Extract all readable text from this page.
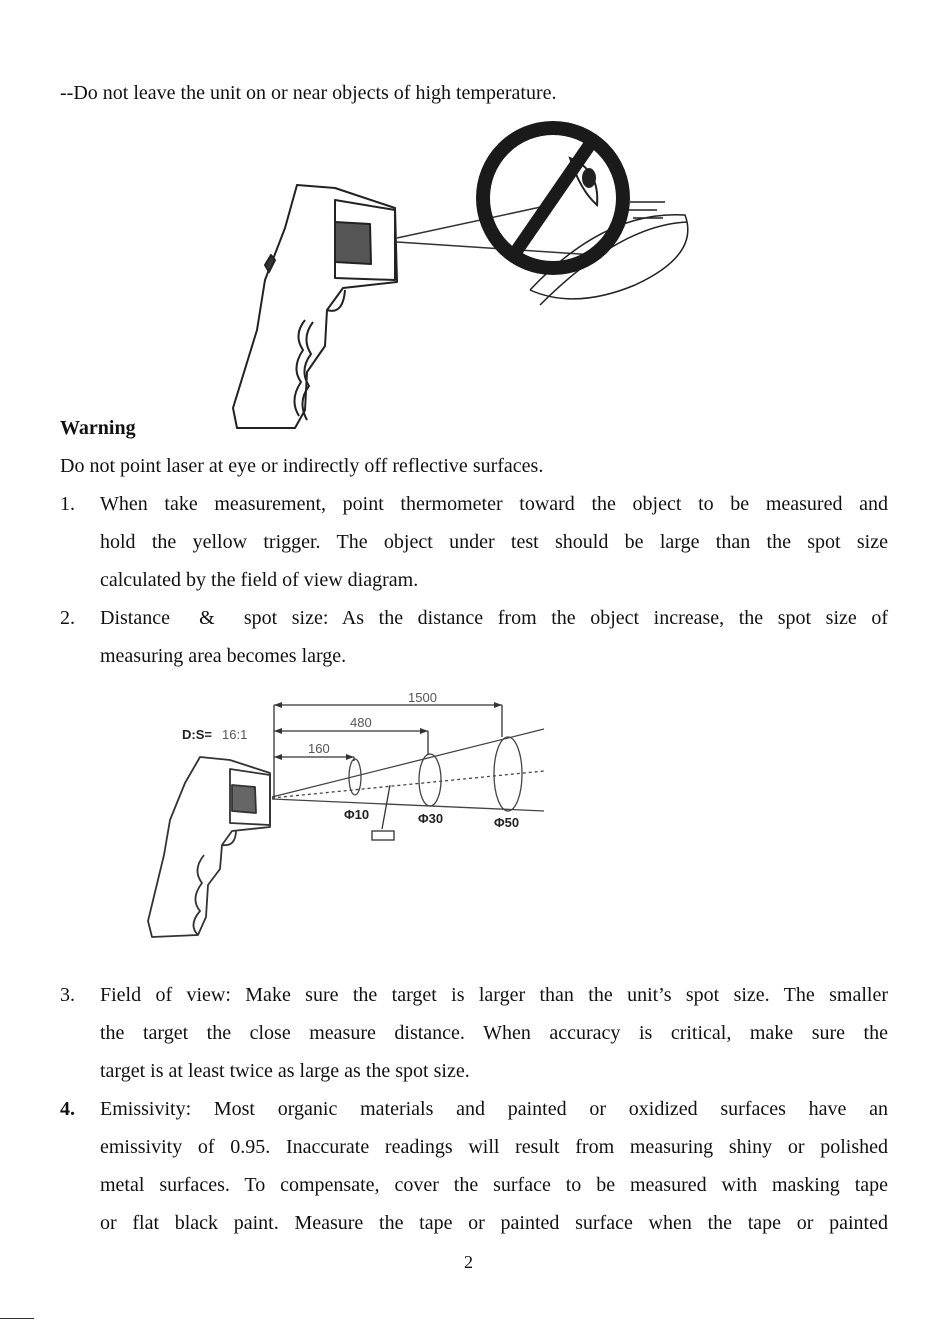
--Do not leave the unit on or near objects of high temperature.
Warning
Do not point laser at eye or indirectly off reflective surfaces.
1. When take measurement, point thermometer toward the object to be measured and
hold the yellow trigger. The object under test should be large than the spot size
calculated by the field of view diagram.
2. Distance  &  spot size: As the distance from the object increase, the spot size of
measuring area becomes large.
D:S= 16:1
160
480
1500
Φ10	Φ30	Φ50
3. Field of view: Make sure the target is larger than the unit’s spot size. The smaller
the target the close measure distance. When accuracy is critical, make sure the
target is at least twice as large as the spot size.
4. Emissivity: Most organic materials and painted or oxidized surfaces have an
emissivity of 0.95. Inaccurate readings will result from measuring shiny or polished
metal surfaces. To compensate, cover the surface to be measured with masking tape
or flat black paint. Measure the tape or painted surface when the tape or painted
2
